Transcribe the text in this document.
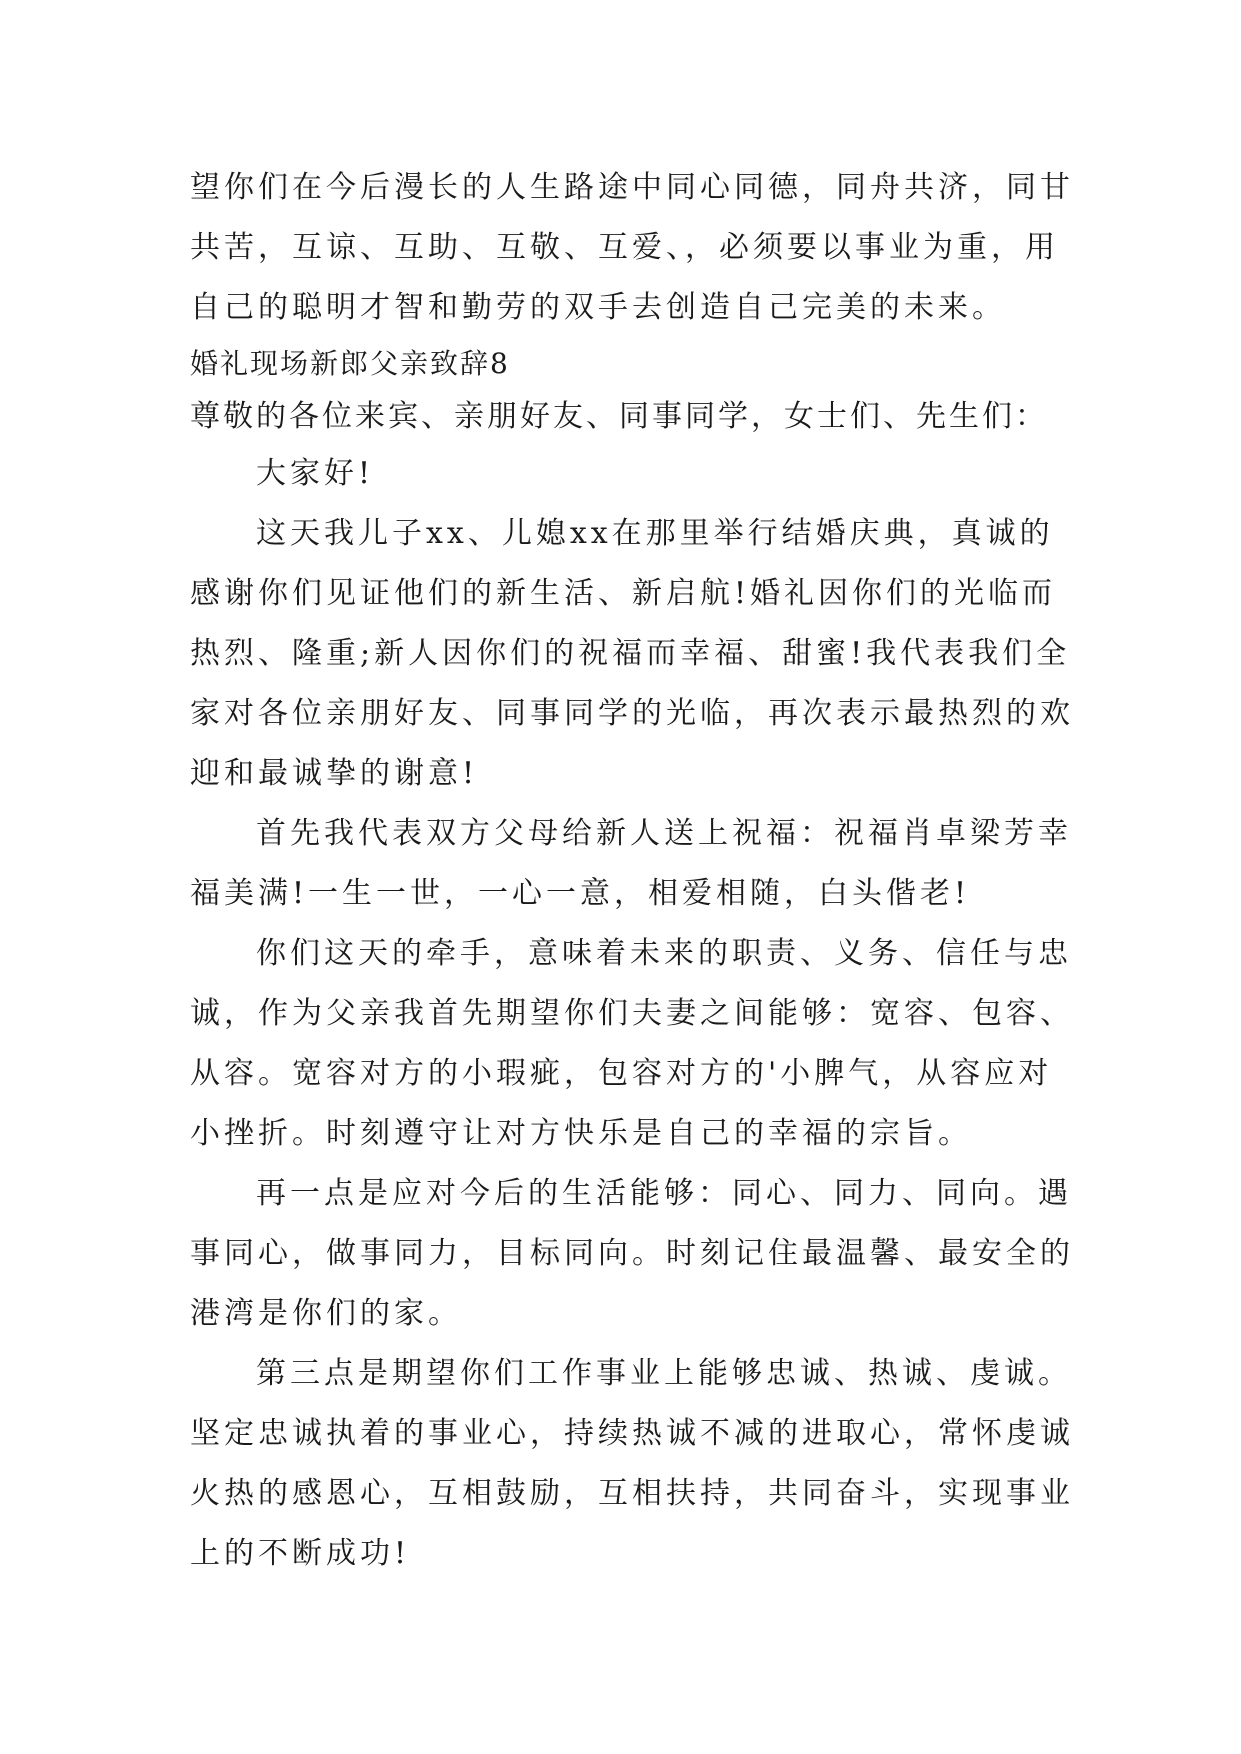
望你们在今后漫长的人生路途中同心同德，同舟共济，同甘
共苦，互谅、互助、互敬、互爱、，必须要以事业为重，用
自己的聪明才智和勤劳的双手去创造自己完美的未来。
婚礼现场新郎父亲致辞8
尊敬的各位来宾、亲朋好友、同事同学，女士们、先生们：
大家好!
这天我儿子xx、儿媳xx在那里举行结婚庆典，真诚的
感谢你们见证他们的新生活、新启航!婚礼因你们的光临而
热烈、隆重;新人因你们的祝福而幸福、甜蜜!我代表我们全
家对各位亲朋好友、同事同学的光临，再次表示最热烈的欢
迎和最诚挚的谢意!
首先我代表双方父母给新人送上祝福：祝福肖卓梁芳幸
福美满!一生一世，一心一意，相爱相随，白头偕老!
你们这天的牵手，意味着未来的职责、义务、信任与忠
诚，作为父亲我首先期望你们夫妻之间能够：宽容、包容、
从容。宽容对方的小瑕疵，包容对方的'小脾气，从容应对
小挫折。时刻遵守让对方快乐是自己的幸福的宗旨。
再一点是应对今后的生活能够：同心、同力、同向。遇
事同心，做事同力，目标同向。时刻记住最温馨、最安全的
港湾是你们的家。
第三点是期望你们工作事业上能够忠诚、热诚、虔诚。
坚定忠诚执着的事业心，持续热诚不减的进取心，常怀虔诚
火热的感恩心，互相鼓励，互相扶持，共同奋斗，实现事业
上的不断成功!
